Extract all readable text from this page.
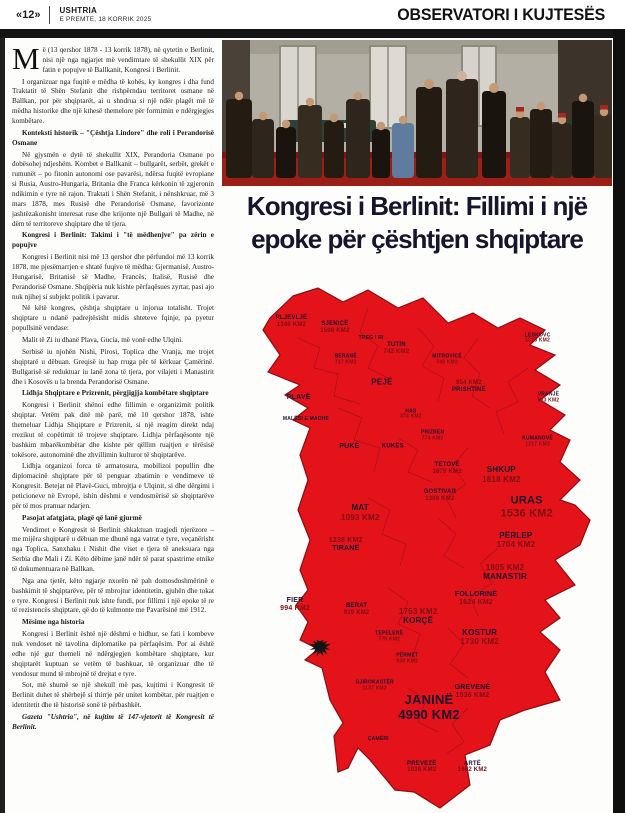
«12» USHTRIA
E PREMTE, 18 KORRIK 2025	OBSERVATORI I KUJTESËS

Më (13 qershor 1878 - 13 korrik 1878), në qytetin e Berlinit, nisi një nga ngjarjet më vendimtare të shekullit XIX për fatin e popujve të Ballkanit, Kongresi i Berlinit.

I organizuar nga fuqitë e mëdha të kohës, ky kongres i dha fund Traktatit të Shën Stefanit dhe rishpërndau territoret osmane në Ballkan, por për shqiptarët, ai u shndrua si një ndër plagët më të mëdha historike dhe një kthesë themelore për formimin e ndërgjegjes kombëtare.

Konteksti historik – "Çështja Lindore" dhe roli i Perandorisë Osmane

Në gjysmën e dytë të shekullit XIX, Perandoria Osmane po dobësohej ndjeshëm. Kombet e Ballkanit – bullgarët, serbët, grekët e rumunët – po fitonin autonomi ose pavarësi, ndërsa fuqitë evropiane si Rusia, Austro-Hungaria, Britania dhe Franca kërkonin të zgjeronin ndikimin e tyre në rajon. Traktati i Shën Stefanit, i nënshkruar, më 3 mars 1878, mes Rusisë dhe Perandorisë Osmane, favorizonte jashtëzakonisht interesat ruse dhe krijonte një Bullgari të Madhe, në dëm të territoreve shqiptare dhe të tjera.

Kongresi i Berlinit: Takimi i "të mëdhenjve" pa zërin e popujve

Kongresi i Berlinit nisi më 13 qershor dhe përfundoi më 13 korrik 1878, me pjesëmarrjen e shtatë fuqive të mëdha: Gjermanisë, Austro-Hungarisë, Britanisë së Madhe, Francës, Italisë, Rusisë dhe Perandorisë Osmane. Shqipëria nuk kishte përfaqësues zyrtar, pasi ajo nuk njihej si subjekt politik i pavarur.

Në këtë kongres, çështja shqiptare u injorua totalisht. Trojet shqiptare u ndanë padrejtësisht midis shteteve fqinje, pa pyetur popullsinë vendase:

Malit të Zi iu dhanë Plava, Gucia, më vonë edhe Ulqini.

Serbisë iu njohën Nishi, Pirosi, Toplica dhe Vranja, me trojet shqiptarë u dëbuan. Greqisë iu hap rruga për të kërkuar Çamërinë. Bullgarisë së reduktuar iu lanë zona të tjera, por vilajeti i Manastirit dhe i Kosovës u la brenda Perandorisë Osmane.

Lidhja Shqiptare e Prizrenit, përgjigjja kombëtare shqiptare

Kongresi i Berlinit shënoi edhe fillimin e organizimit politik shqiptar. Vetëm pak ditë më parë, më 10 qershor 1878, ishte themeluar Lidhja Shqiptare e Prizrenit, si një reagim direkt ndaj rrezikut të copëtimit të trojeve shqiptare. Lidhja përfaqësonte një bashkim mbarëkombëtar dhe kishte për qëllim ruajtjen e tërësisë tokësore, autonominë dhe zhvillimin kulturor të shqiptarëve.

Lidhja organizoi forca të armatosura, mobilizoi popullin dhe diplomacinë shqiptare për të penguar zbatimin e vendimeve të Kongresit. Betejat në Plavë-Guci, mbrojtja e Ulqinit, si dhe dërgimi i peticioneve në Evropë, ishin dëshmi e vendosmërisë së shqiptarëve për të mos pranuar ndarjen.

Pasojat afatgjata, plagë që lanë gjurmë

Vendimet e Kongresit të Berlinit shkaktuan tragjedi njerëzore – me mijëra shqiptarë u dëbuan me dhunë nga vatrat e tyre, veçanërisht nga Toplica, Sanxhaku i Nishit dhe viset e tjera të aneksuara nga Serbia dhe Mali i Zi. Këto dëbime janë ndër të parat spastrime etnike të dokumentuara në Ballkan.

Nga ana tjetër, këto ngjarje nxorën në pah domosdoshmërinë e bashkimit të shqiptarëve, për të mbrojtur identitetin, gjuhën dhe tokat e tyre. Kongresi i Berlinit nuk ishte fundi, por fillimi i një epoke të re të rezistencës shqiptare, që do të kulmonte me Pavarësinë më 1912.

Mësime nga historia

Kongresi i Berlinit është një dëshmi e hidhur, se fati i kombeve nuk vendoset në tavolina diplomatike pa përfaqësim. Por ai është edhe një gur themeli në ndërgjegjen kombëtare shqiptare, kur shqiptarët kuptuan se vetëm të bashkuar, të organizuar dhe të vendosur mund të mbrojnë të drejtat e tyre.

Sot, më shumë se një shekull më pas, kujtimi i Kongresit të Berlinit duhet të shërbejë si thirrje për unitet kombëtar, për ruajtjen e identitetit dhe të historisë sonë të përbashkët.

Gazeta "Ushtria", në kujtim të 147-vjetorit të Kongresit të Berlinit.

Kongresi i Berlinit: Fillimi i një
epoke për çështjen shqiptare
PLJEVLJË
1346 KM2	SJENICË
1506 KM2
TREG I RI
BERANË
717 KM2
TUTIN
742 KM2
MITROVICË
748 KM2
LESKOVC
1325 KM2
VRANJË
983 KM2
PLAVË
PEJË
MALËSI E MADHE
954 KM2
PRISHTINË
HAS
374 KM2
PRIZREN
774 KM2
KUKËS
PUKË
KUMANOVË
1217 KM2
TETOVË
1679 KM2	SHKUP
1818 KM2
GOSTIVAR
1308 KM2
MAT
1093 KM2
URAS
1536 KM2
1238 KM2
TIRANË
PËRLEP
1704 KM2
1805 KM2
MANASTIR
FOLLORINË
1624 KM2
FIER
994 KM2	BERAT
919 KM2	1753 KM2
KORÇË
TEPELENË
770 KM2
KOSTUR
1730 KM2
PËRMET
930 KM2
GJIROKASTËR
1137 KM2	GREVENË
1536 KM2
JANINË
4990 KM2
ÇAMËRI
PREVEZË
1036 KM2
ARTË
1662 KM2
